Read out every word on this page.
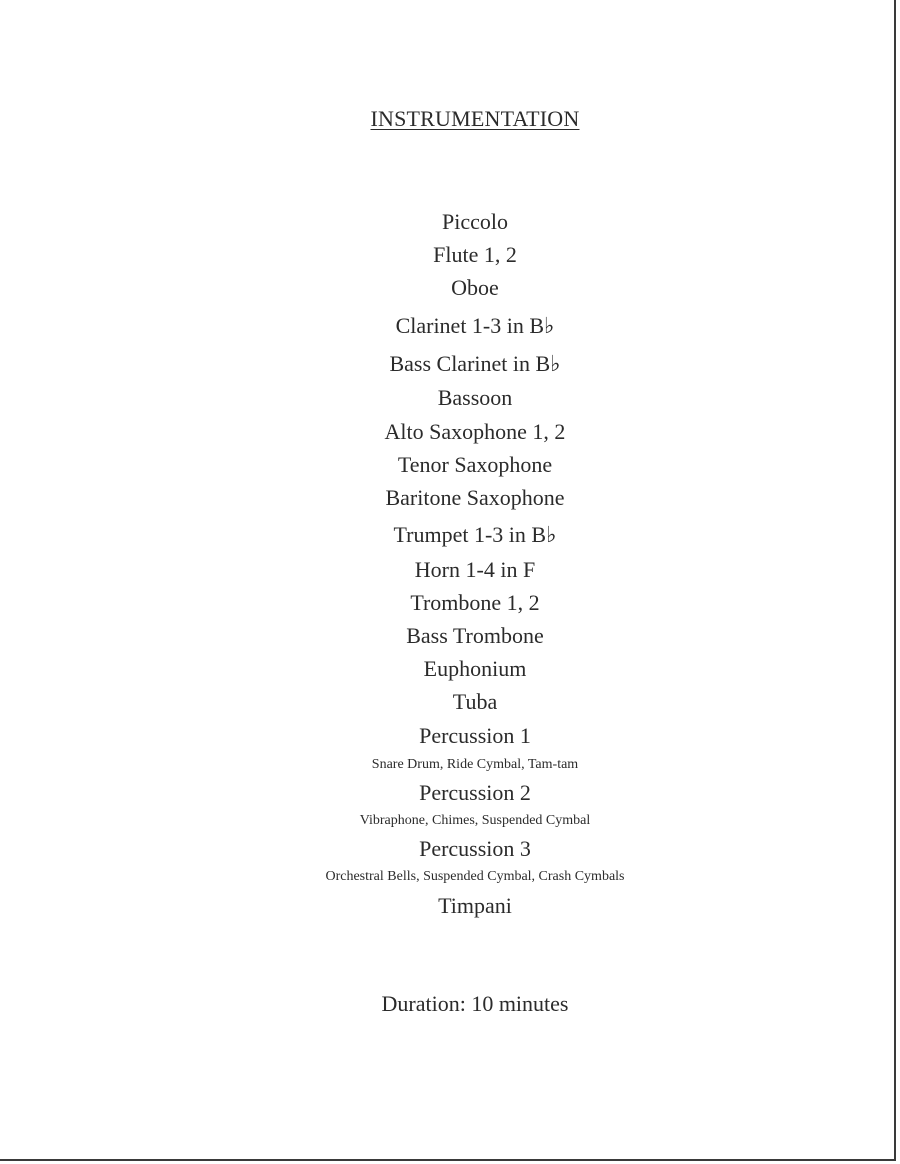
INSTRUMENTATION
Piccolo
Flute 1, 2
Oboe
Clarinet 1-3 in B♭
Bass Clarinet in B♭
Bassoon
Alto Saxophone 1, 2
Tenor Saxophone
Baritone Saxophone
Trumpet 1-3 in B♭
Horn 1-4 in F
Trombone 1, 2
Bass Trombone
Euphonium
Tuba
Percussion 1
Snare Drum, Ride Cymbal, Tam-tam
Percussion 2
Vibraphone, Chimes, Suspended Cymbal
Percussion 3
Orchestral Bells, Suspended Cymbal, Crash Cymbals
Timpani
Duration: 10 minutes
